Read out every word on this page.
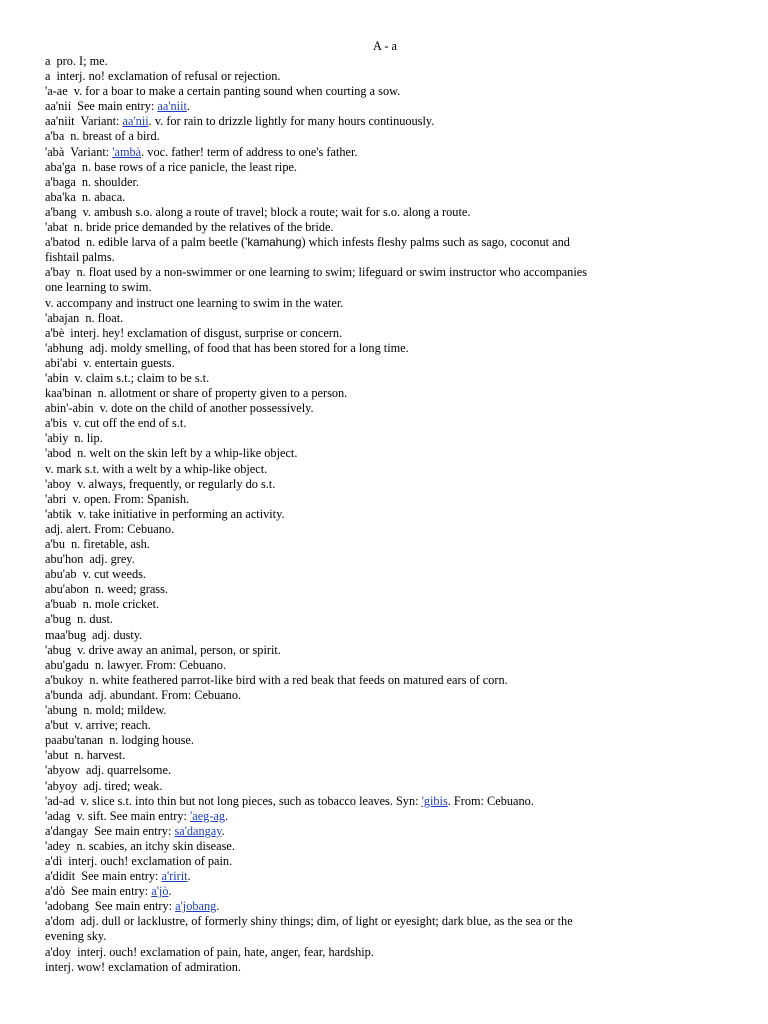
A - a
a pro. I; me.
a interj. no! exclamation of refusal or rejection.
'a-ae v. for a boar to make a certain panting sound when courting a sow.
aa'nii See main entry: aa'niit.
aa'niit Variant: aa'nii. v. for rain to drizzle lightly for many hours continuously.
a'ba n. breast of a bird.
'abà Variant: 'ambà. voc. father! term of address to one's father.
aba'ga n. base rows of a rice panicle, the least ripe.
a'baga n. shoulder.
aba'ka n. abaca.
a'bang v. ambush s.o. along a route of travel; block a route; wait for s.o. along a route.
'abat n. bride price demanded by the relatives of the bride.
a'batod n. edible larva of a palm beetle ('kamahung) which infests fleshy palms such as sago, coconut and
fishtail palms.
a'bay n. float used by a non-swimmer or one learning to swim; lifeguard or swim instructor who accompanies
one learning to swim.
v. accompany and instruct one learning to swim in the water.
'abajan n. float.
a'bè interj. hey! exclamation of disgust, surprise or concern.
'abhung adj. moldy smelling, of food that has been stored for a long time.
abi'abi v. entertain guests.
'abin v. claim s.t.; claim to be s.t.
kaa'binan n. allotment or share of property given to a person.
abin'-abin v. dote on the child of another possessively.
a'bis v. cut off the end of s.t.
'abiy n. lip.
'abod n. welt on the skin left by a whip-like object.
v. mark s.t. with a welt by a whip-like object.
'aboy v. always, frequently, or regularly do s.t.
'abri v. open. From: Spanish.
'abtik v. take initiative in performing an activity.
adj. alert. From: Cebuano.
a'bu n. firetable, ash.
abu'hon adj. grey.
abu'ab v. cut weeds.
abu'abon n. weed; grass.
a'buab n. mole cricket.
a'bug n. dust.
maa'bug adj. dusty.
'abug v. drive away an animal, person, or spirit.
abu'gadu n. lawyer. From: Cebuano.
a'bukoy n. white feathered parrot-like bird with a red beak that feeds on matured ears of corn.
a'bunda adj. abundant. From: Cebuano.
'abung n. mold; mildew.
a'but v. arrive; reach.
paabu'tanan n. lodging house.
'abut n. harvest.
'abyow adj. quarrelsome.
'abyoy adj. tired; weak.
'ad-ad v. slice s.t. into thin but not long pieces, such as tobacco leaves. Syn: 'gibis. From: Cebuano.
'adag v. sift. See main entry: 'aeg-ag.
a'dangay See main entry: sa'dangay.
'adey n. scabies, an itchy skin disease.
a'dì interj. ouch! exclamation of pain.
a'didit See main entry: a'ririt.
a'dò See main entry: a'jò.
'adobang See main entry: a'jobang.
a'dom adj. dull or lacklustre, of formerly shiny things; dim, of light or eyesight; dark blue, as the sea or the
evening sky.
a'doy interj. ouch! exclamation of pain, hate, anger, fear, hardship.
interj. wow! exclamation of admiration.
